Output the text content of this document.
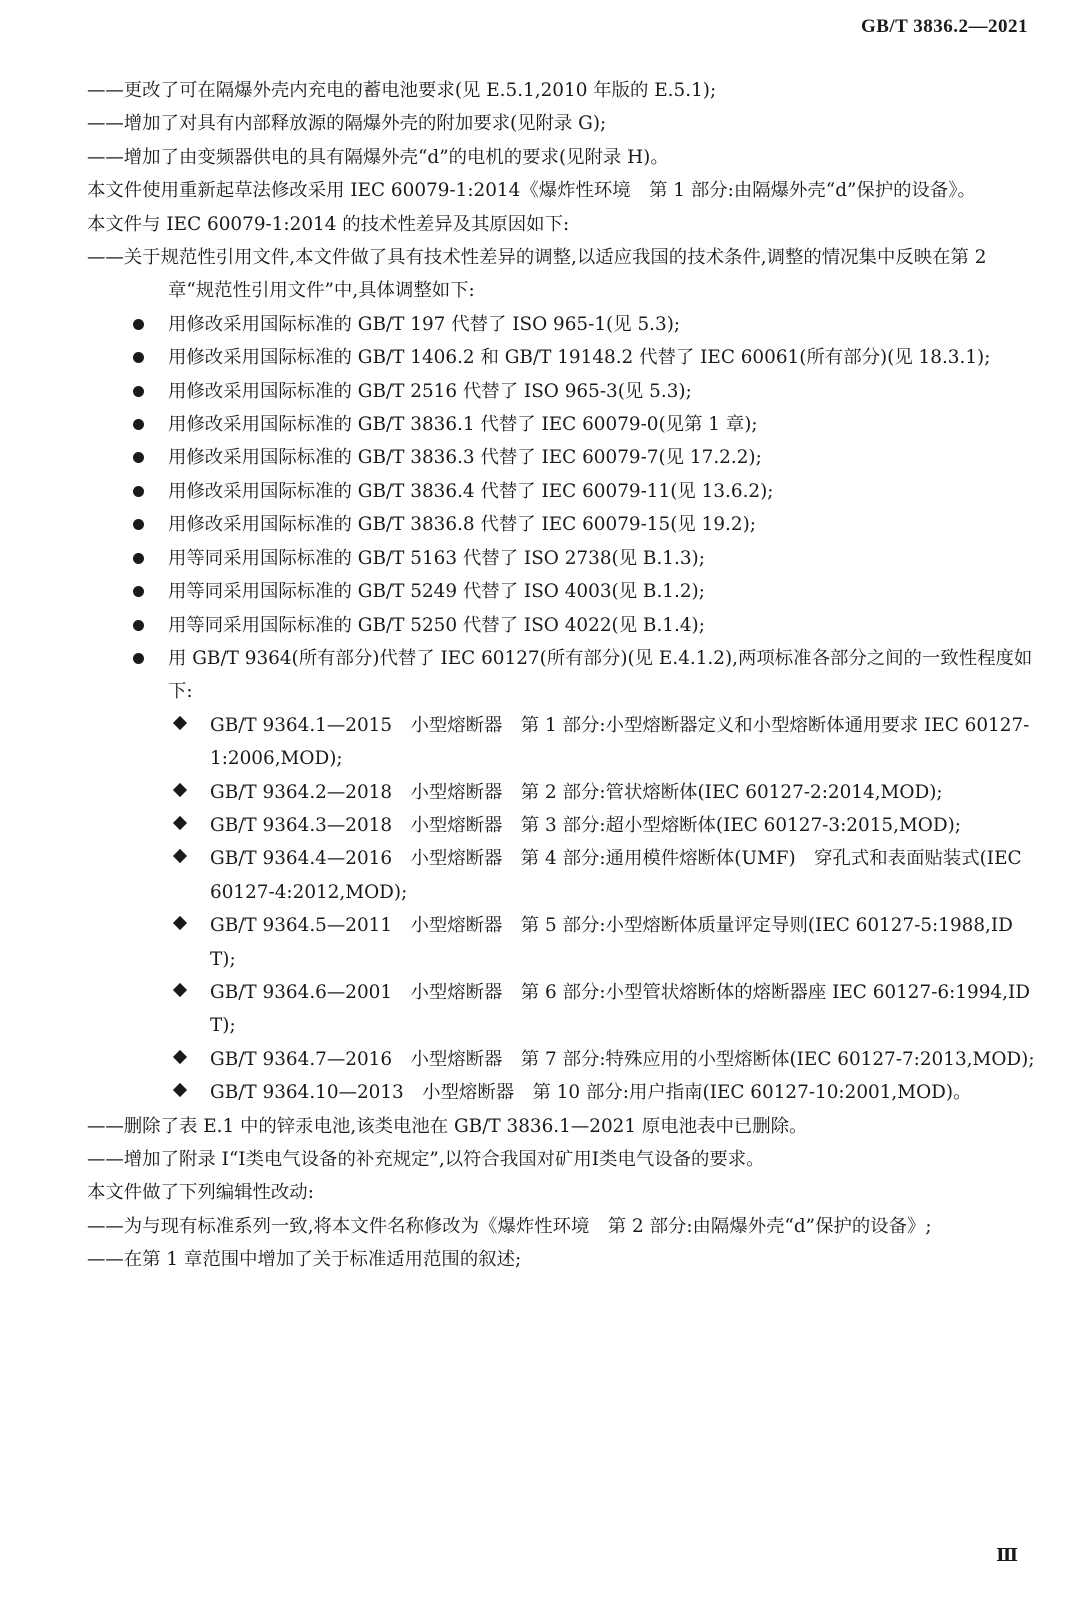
GB/T 3836.2—2021
——更改了可在隔爆外壳内充电的蓄电池要求(见 E.5.1,2010 年版的 E.5.1);
——增加了对具有内部释放源的隔爆外壳的附加要求(见附录 G);
——增加了由变频器供电的具有隔爆外壳“d”的电机的要求(见附录 H)。
本文件使用重新起草法修改采用 IEC 60079-1:2014《爆炸性环境　第 1 部分:由隔爆外壳“d”保护的设备》。
本文件与 IEC 60079-1:2014 的技术性差异及其原因如下:
——关于规范性引用文件,本文件做了具有技术性差异的调整,以适应我国的技术条件,调整的情况集中反映在第 2 章“规范性引用文件”中,具体调整如下:
用修改采用国际标准的 GB/T 197 代替了 ISO 965-1(见 5.3);
用修改采用国际标准的 GB/T 1406.2 和 GB/T 19148.2 代替了 IEC 60061(所有部分)(见 18.3.1);
用修改采用国际标准的 GB/T 2516 代替了 ISO 965-3(见 5.3);
用修改采用国际标准的 GB/T 3836.1 代替了 IEC 60079-0(见第 1 章);
用修改采用国际标准的 GB/T 3836.3 代替了 IEC 60079-7(见 17.2.2);
用修改采用国际标准的 GB/T 3836.4 代替了 IEC 60079-11(见 13.6.2);
用修改采用国际标准的 GB/T 3836.8 代替了 IEC 60079-15(见 19.2);
用等同采用国际标准的 GB/T 5163 代替了 ISO 2738(见 B.1.3);
用等同采用国际标准的 GB/T 5249 代替了 ISO 4003(见 B.1.2);
用等同采用国际标准的 GB/T 5250 代替了 ISO 4022(见 B.1.4);
用 GB/T 9364(所有部分)代替了 IEC 60127(所有部分)(见 E.4.1.2),两项标准各部分之间的一致性程度如下:
GB/T 9364.1—2015　小型熔断器　第 1 部分:小型熔断器定义和小型熔断体通用要求 IEC 60127-1:2006,MOD);
GB/T 9364.2—2018　小型熔断器　第 2 部分:管状熔断体(IEC 60127-2:2014,MOD);
GB/T 9364.3—2018　小型熔断器　第 3 部分:超小型熔断体(IEC 60127-3:2015,MOD);
GB/T 9364.4—2016　小型熔断器　第 4 部分:通用模件熔断体(UMF)　穿孔式和表面贴装式(IEC 60127-4:2012,MOD);
GB/T 9364.5—2011　小型熔断器　第 5 部分:小型熔断体质量评定导则(IEC 60127-5:1988,IDT);
GB/T 9364.6—2001　小型熔断器　第 6 部分:小型管状熔断体的熔断器座 IEC 60127-6:1994,IDT);
GB/T 9364.7—2016　小型熔断器　第 7 部分:特殊应用的小型熔断体(IEC 60127-7:2013,MOD);
GB/T 9364.10—2013　小型熔断器　第 10 部分:用户指南(IEC 60127-10:2001,MOD)。
——删除了表 E.1 中的锌汞电池,该类电池在 GB/T 3836.1—2021 原电池表中已删除。
——增加了附录 I“Ⅰ类电气设备的补充规定”,以符合我国对矿用Ⅰ类电气设备的要求。
本文件做了下列编辑性改动:
——为与现有标准系列一致,将本文件名称修改为《爆炸性环境　第 2 部分:由隔爆外壳“d”保护的设备》;
——在第 1 章范围中增加了关于标准适用范围的叙述;
Ⅲ
